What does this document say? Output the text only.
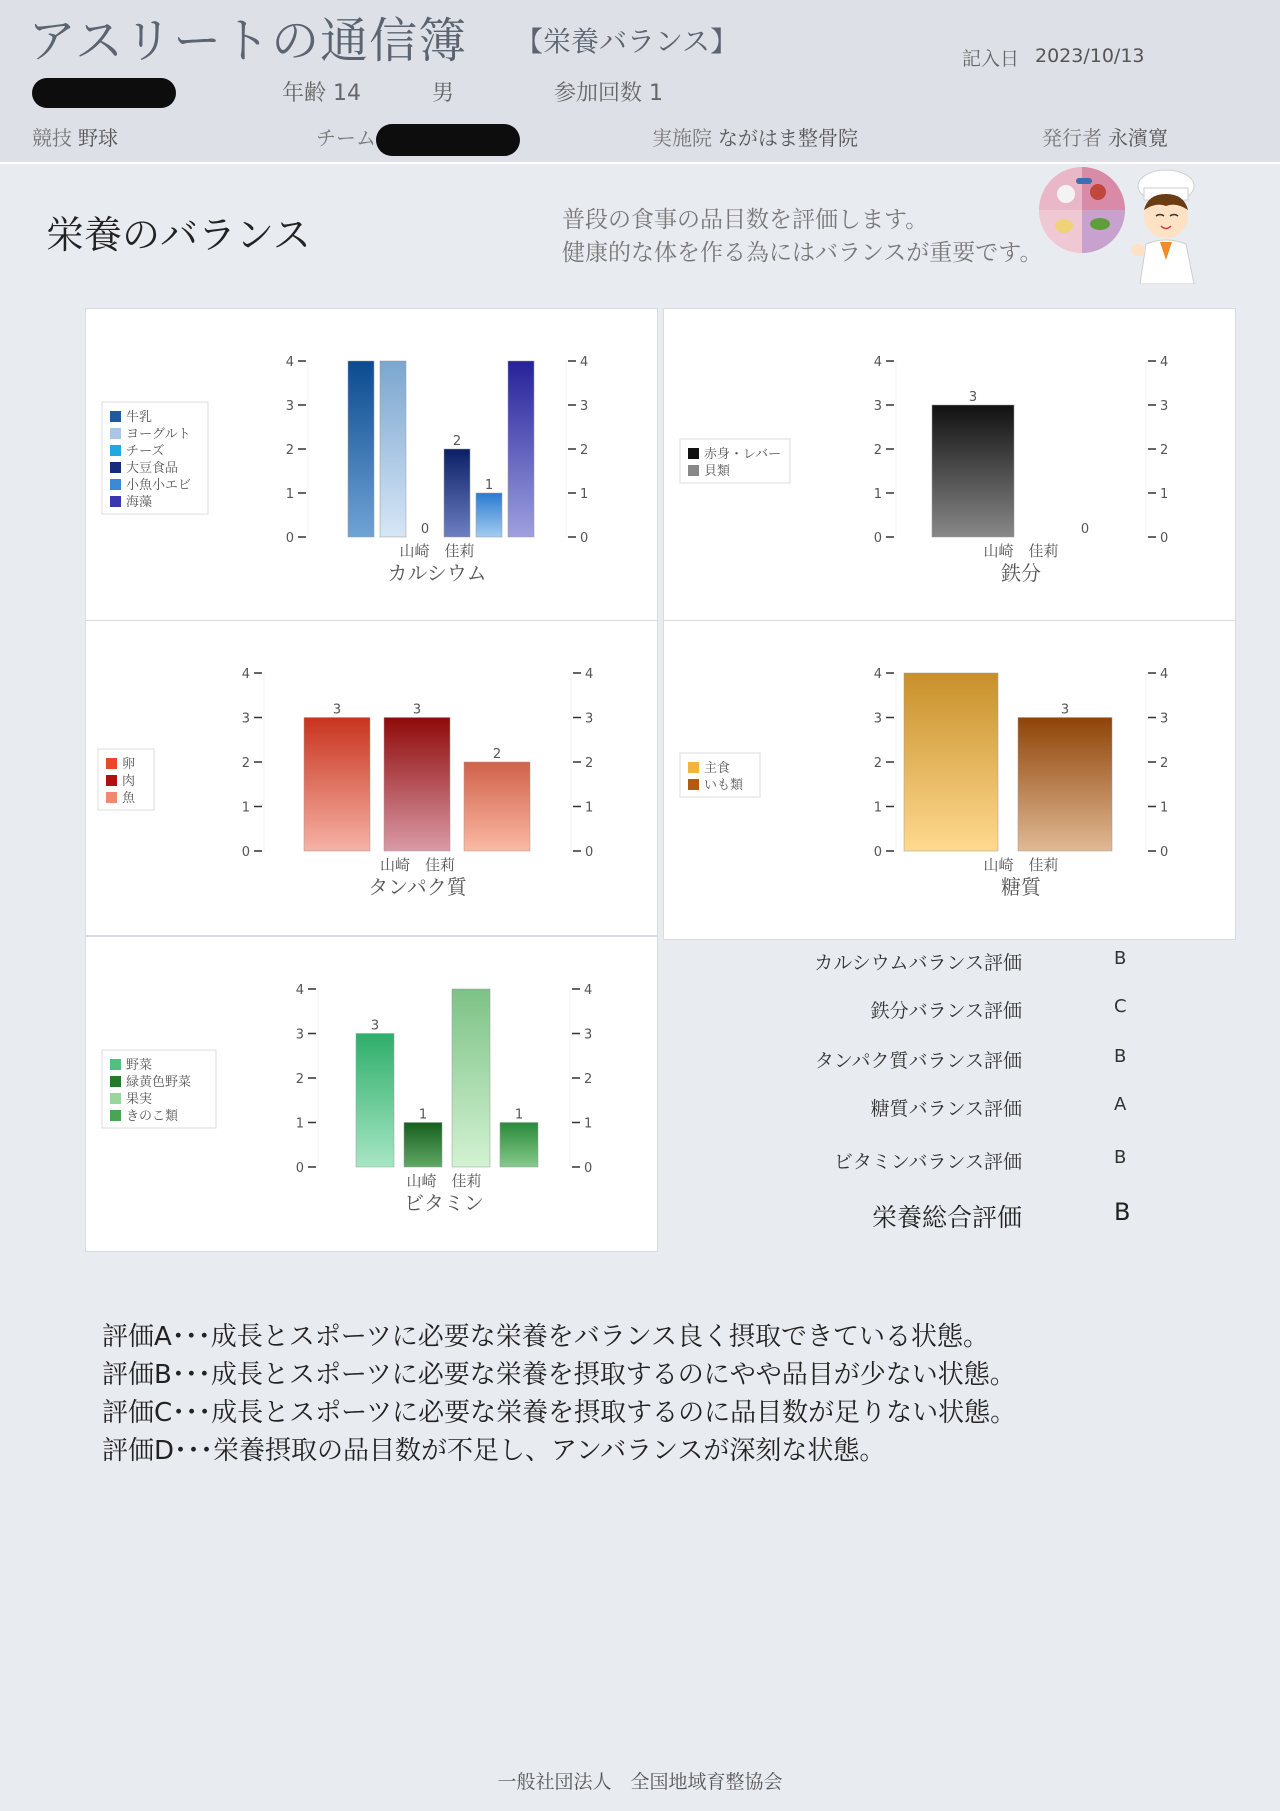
アスリートの通信簿 【栄養バランス】
記入日 2023/10/13
年齢 14	男	参加回数 1
競技 野球	チーム	実施院 ながはま整骨院	発行者 永濱寛
栄養のバランス	普段の食事の品目数を評価します。
健康的な体を作る為にはバランスが重要です。
0	0
1	1
2	2
3	3
4	4
0
2
1
山崎　佳莉
カルシウム
牛乳
ヨーグルト
チーズ
大豆食品
小魚小エビ
海藻
0	0
1	1
2	2
3	3
4	4
3
0
山崎　佳莉
鉄分
赤身・レバー
貝類
0	0
1	1
2	2
3	3
4	4
3	3
2
山崎　佳莉
タンパク質
卵
肉
魚
0	0
1	1
2	2
3	3
4	4
3
山崎　佳莉
糖質
主食
いも類
0	0
1	1
2	2
3	3
4	4
3
1	1
山崎　佳莉
ビタミン
野菜
緑黄色野菜
果実
きのこ類
カルシウムバランス評価	B
鉄分バランス評価	C
タンパク質バランス評価	B
糖質バランス評価	A
ビタミンバランス評価	B
栄養総合評価	B
評価A･･･成長とスポーツに必要な栄養をバランス良く摂取できている状態。
評価B･･･成長とスポーツに必要な栄養を摂取するのにやや品目が少ない状態。
評価C･･･成長とスポーツに必要な栄養を摂取するのに品目数が足りない状態。
評価D･･･栄養摂取の品目数が不足し、アンバランスが深刻な状態。
一般社団法人　全国地域育整協会
